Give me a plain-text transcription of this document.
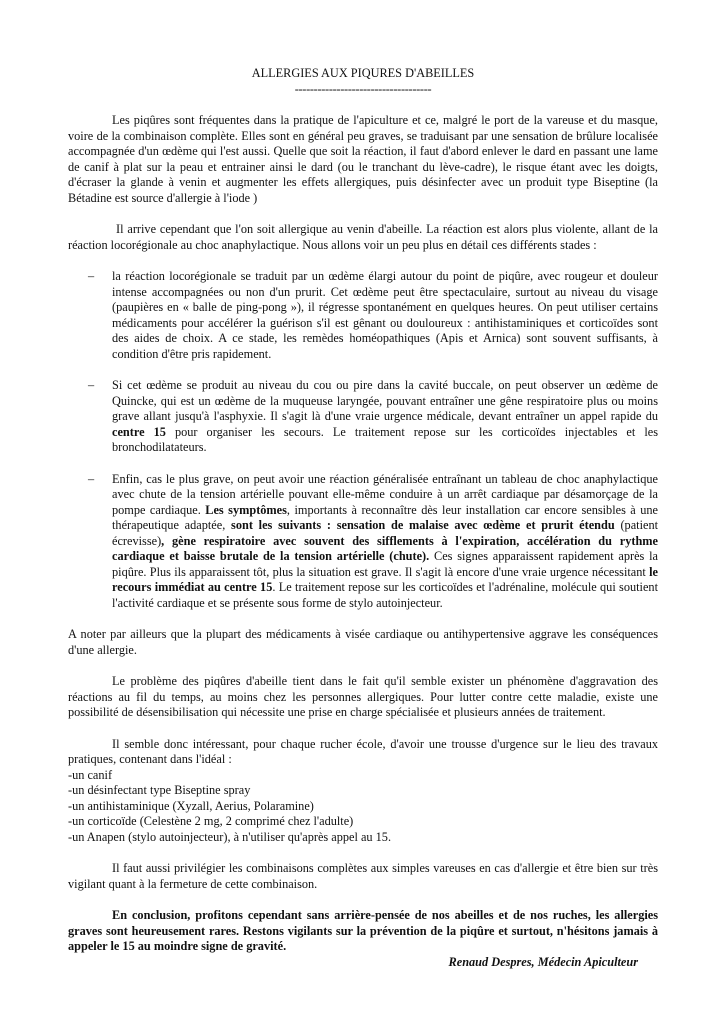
ALLERGIES AUX PIQURES D'ABEILLES
------------------------------------

Les piqûres sont fréquentes dans la pratique de l'apiculture et ce, malgré le port de la vareuse et du masque, voire de la combinaison complète. Elles sont en général peu graves, se traduisant par une sensation de brûlure localisée accompagnée d'un œdème qui l'est aussi. Quelle que soit la réaction, il faut d'abord enlever le dard en passant une lame de canif à plat sur la peau et entrainer ainsi le dard (ou le tranchant du lève-cadre), le risque étant avec les doigts, d'écraser la glande à venin et augmenter les effets allergiques, puis désinfecter avec un produit type Biseptine (la Bétadine est source d'allergie à l'iode )

Il arrive cependant que l'on soit allergique au venin d'abeille. La réaction est alors plus violente, allant de la réaction locorégionale au choc anaphylactique. Nous allons voir un peu plus en détail ces différents stades :

– la réaction locorégionale se traduit par un œdème élargi autour du point de piqûre, avec rougeur et douleur intense accompagnées ou non d'un prurit. Cet œdème peut être spectaculaire, surtout au niveau du visage (paupières en « balle de ping-pong »), il régresse spontanément en quelques heures. On peut utiliser certains médicaments pour accélérer la guérison s'il est gênant ou douloureux : antihistaminiques et corticoïdes sont des aides de choix. A ce stade, les remèdes homéopathiques (Apis et Arnica) sont souvent suffisants, à condition d'être pris rapidement.
– Si cet œdème se produit au niveau du cou ou pire dans la cavité buccale, on peut observer un œdème de Quincke, qui est un œdème de la muqueuse laryngée, pouvant entraîner une gêne respiratoire plus ou moins grave allant jusqu'à l'asphyxie. Il s'agit là d'une vraie urgence médicale, devant entraîner un appel rapide du centre 15 pour organiser les secours. Le traitement repose sur les corticoïdes injectables et les bronchodilatateurs.
– Enfin, cas le plus grave, on peut avoir une réaction généralisée entraînant un tableau de choc anaphylactique avec chute de la tension artérielle pouvant elle-même conduire à un arrêt cardiaque par désamorçage de la pompe cardiaque. Les symptômes, importants à reconnaître dès leur installation car encore sensibles à une thérapeutique adaptée, sont les suivants : sensation de malaise avec œdème et prurit étendu (patient écrevisse), gène respiratoire avec souvent des sifflements à l'expiration, accélération du rythme cardiaque et baisse brutale de la tension artérielle (chute). Ces signes apparaissent rapidement après la piqûre. Plus ils apparaissent tôt, plus la situation est grave. Il s'agit là encore d'une vraie urgence nécessitant le recours immédiat au centre 15. Le traitement repose sur les corticoïdes et l'adrénaline, molécule qui soutient l'activité cardiaque et se présente sous forme de stylo autoinjecteur.

A noter par ailleurs que la plupart des médicaments à visée cardiaque ou antihypertensive aggrave les conséquences d'une allergie.

Le problème des piqûres d'abeille tient dans le fait qu'il semble exister un phénomène d'aggravation des réactions au fil du temps, au moins chez les personnes allergiques. Pour lutter contre cette maladie, existe une possibilité de désensibilisation qui nécessite une prise en charge spécialisée et plusieurs années de traitement.

Il semble donc intéressant, pour chaque rucher école, d'avoir une trousse d'urgence sur le lieu des travaux pratiques, contenant dans l'idéal :

-un canif

-un désinfectant type Biseptine spray

-un antihistaminique (Xyzall, Aerius, Polaramine)

-un corticoïde (Celestène 2 mg, 2 comprimé chez l'adulte)

-un Anapen (stylo autoinjecteur), à n'utiliser qu'après appel au 15.

Il faut aussi privilégier les combinaisons complètes aux simples vareuses en cas d'allergie et être bien sur très vigilant quant à la fermeture de cette combinaison.

En conclusion, profitons cependant sans arrière-pensée de nos abeilles et de nos ruches, les allergies graves sont heureusement rares. Restons vigilants sur la prévention de la piqûre et surtout, n'hésitons jamais à appeler le 15 au moindre signe de gravité.

Renaud Despres, Médecin Apiculteur
